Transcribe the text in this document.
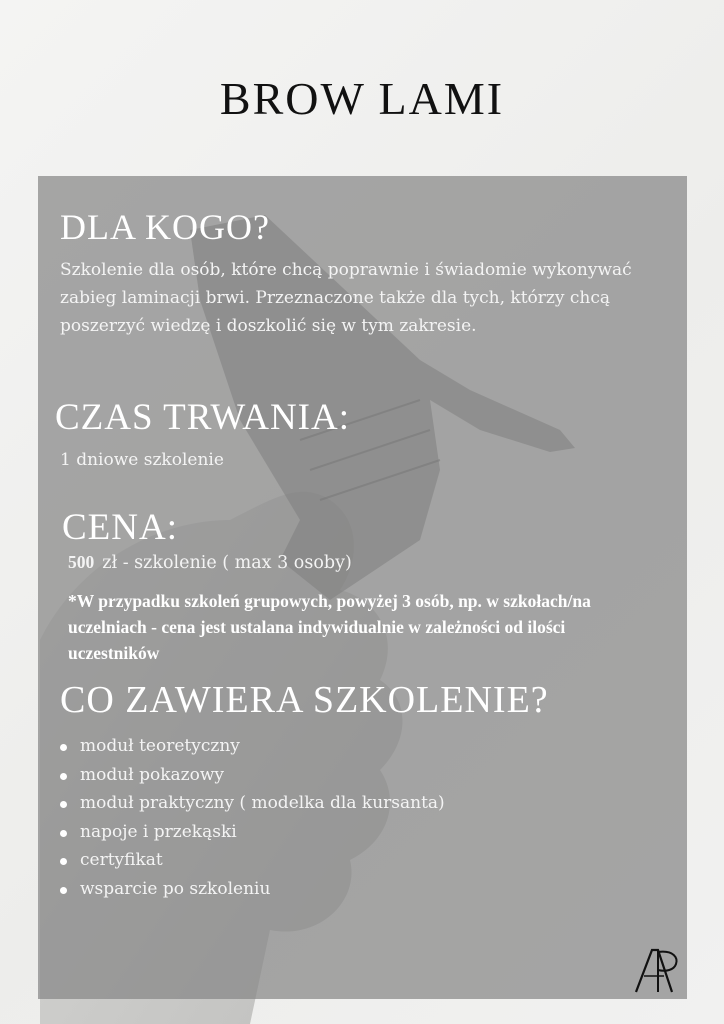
BROW LAMI
DLA KOGO?

Szkolenie dla osób, które chcą poprawnie i świadomie wykonywać zabieg laminacji brwi. Przeznaczone także dla tych, którzy chcą poszerzyć wiedzę i doszkolić się w tym zakresie.

CZAS TRWANIA:

1 dniowe szkolenie

CENA:

500 zł - szkolenie ( max 3 osoby)

*W przypadku szkoleń grupowych, powyżej 3 osób, np. w szkołach/na uczelniach - cena jest ustalana indywidualnie w zależności od ilości uczestników

CO ZAWIERA SZKOLENIE?
moduł teoretyczny
moduł pokazowy
moduł praktyczny ( modelka dla kursanta)
napoje i przekąski
certyfikat
wsparcie po szkoleniu
